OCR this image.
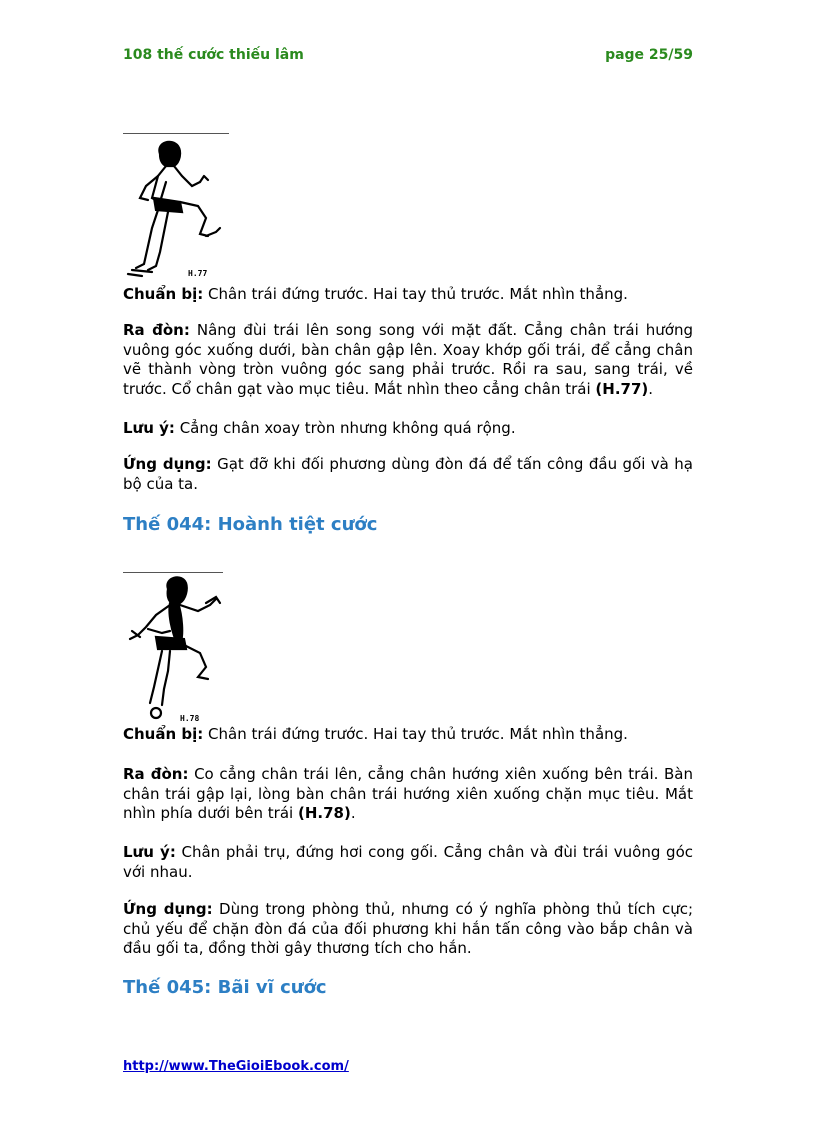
108 thế cước thiếu lâm	page 25/59
H.77
Chuẩn bị: Chân trái đứng trước. Hai tay thủ trước. Mắt nhìn thẳng.
Ra đòn: Nâng đùi trái lên song song với mặt đất. Cẳng chân trái hướng vuông góc xuống dưới, bàn chân gập lên. Xoay khớp gối trái, để cẳng chân vẽ thành vòng tròn vuông góc sang phải trước. Rồi ra sau, sang trái, về trước. Cổ chân gạt vào mục tiêu. Mắt nhìn theo cẳng chân trái (H.77).
Lưu ý: Cẳng chân xoay tròn nhưng không quá rộng.
Ứng dụng: Gạt đỡ khi đối phương dùng đòn đá để tấn công đầu gối và hạ bộ của ta.
Thế 044: Hoành tiệt cước
H.78
Chuẩn bị: Chân trái đứng trước. Hai tay thủ trước. Mắt nhìn thẳng.
Ra đòn: Co cẳng chân trái lên, cẳng chân hướng xiên xuống bên trái. Bàn chân trái gập lại, lòng bàn chân trái hướng xiên xuống chặn mục tiêu. Mắt nhìn phía dưới bên trái (H.78).
Lưu ý: Chân phải trụ, đứng hơi cong gối. Cẳng chân và đùi trái vuông góc với nhau.
Ứng dụng: Dùng trong phòng thủ, nhưng có ý nghĩa phòng thủ tích cực; chủ yếu để chặn đòn đá của đối phương khi hắn tấn công vào bắp chân và đầu gối ta, đồng thời gây thương tích cho hắn.
Thế 045: Bãi vĩ cước
http://www.TheGioiEbook.com/
